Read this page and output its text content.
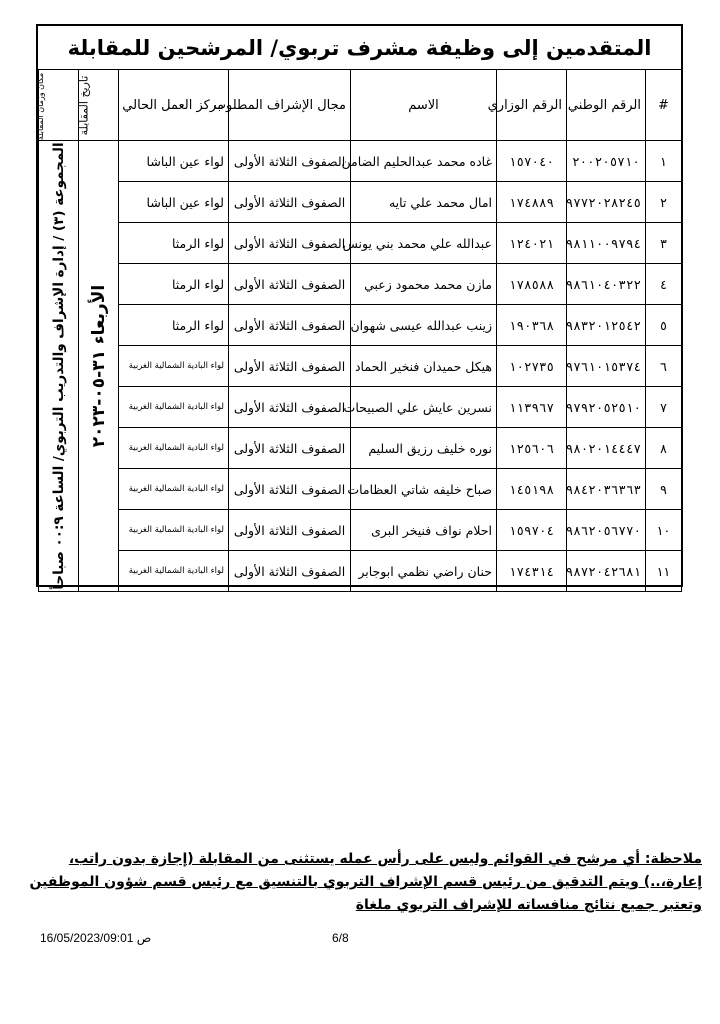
المتقدمين إلى وظيفة مشرف تربوي/ المرشحين للمقابلة
#	الرقم الوطني	الرقم الوزاري	الاسم	مجال الإشراف المطلوب	مركز العمل الحالي	تاريخ المقابلة	مكان وزمان المقابلة
١	٢٠٠٢٠٥٧١٠	١٥٧٠٤٠	غاده محمد عبدالحليم الضامن	الصفوف الثلاثة الأولى	لواء عين الباشا	الأربعاء ٣١-٠٥-٢٠٢٣	المجموعة (٣) / إدارة الإشراف والتدريب التربوي/ الساعة ٠٠:٩ صباحاً

٢	٩٧٧٢٠٢٨٢٤٥	١٧٤٨٨٩	امال محمد علي تايه	الصفوف الثلاثة الأولى	لواء عين الباشا		
٣	٩٨١١٠٠٩٧٩٤	١٢٤٠٢١	عبدالله علي محمد بني يونس	الصفوف الثلاثة الأولى	لواء الرمثا		
٤	٩٨٦١٠٤٠٣٢٢	١٧٨٥٨٨	مازن محمد محمود زعبي	الصفوف الثلاثة الأولى	لواء الرمثا		
٥	٩٨٣٢٠١٢٥٤٢	١٩٠٣٦٨	زينب عبدالله عيسى شهوان	الصفوف الثلاثة الأولى	لواء الرمثا		
٦	٩٧٦١٠١٥٣٧٤	١٠٢٧٣٥	هيكل حميدان فنخير الحماد	الصفوف الثلاثة الأولى	لواء البادية الشمالية الغربية		
٧	٩٧٩٢٠٥٢٥١٠	١١٣٩٦٧	نسرين عايش علي الصبيحات	الصفوف الثلاثة الأولى	لواء البادية الشمالية الغربية		
٨	٩٨٠٢٠١٤٤٤٧	١٢٥٦٠٦	نوره خليف رزيق السليم	الصفوف الثلاثة الأولى	لواء البادية الشمالية الغربية		
٩	٩٨٤٢٠٣٦٣٦٣	١٤٥١٩٨	صباح خليفه شاتي العظامات	الصفوف الثلاثة الأولى	لواء البادية الشمالية الغربية		
١٠	٩٨٦٢٠٥٦٧٧٠	١٥٩٧٠٤	احلام نواف فنيخر البرى	الصفوف الثلاثة الأولى	لواء البادية الشمالية الغربية		
١١	٩٨٧٢٠٤٢٦٨١	١٧٤٣١٤	حنان راضي نظمي ابوجابر	الصفوف الثلاثة الأولى	لواء البادية الشمالية الغربية		
ملاحظة: أي مرشح في القوائم وليس على رأس عمله يستثنى من المقابلة (إجازة بدون راتب، إعارة،..) ويتم التدقيق من رئيس قسم الإشراف التربوي بالتنسيق مع رئيس قسم شؤون الموظفين وتعتبر جميع نتائج منافساته للإشراف التربوي ملغاة
16/05/2023/09:01 ص	6/8
